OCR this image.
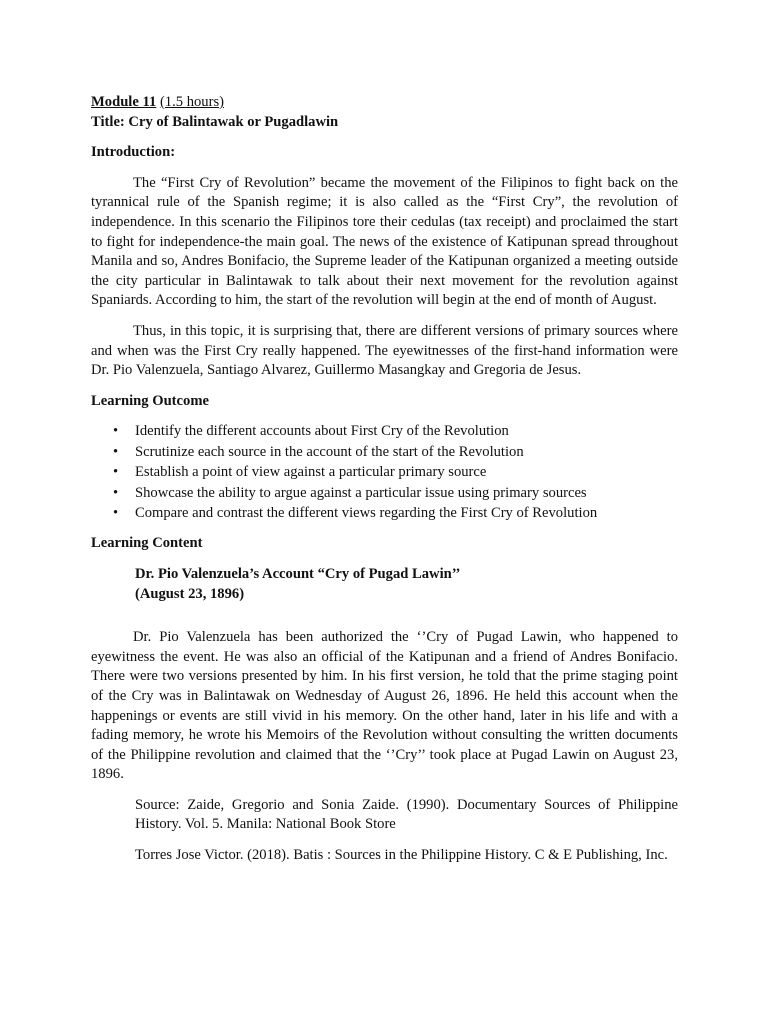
Module 11 (1.5 hours)

Title: Cry of Balintawak or Pugadlawin

Introduction:

The “First Cry of Revolution” became the movement of the Filipinos to fight back on the tyrannical rule of the Spanish regime; it is also called as the “First Cry”, the revolution of independence. In this scenario the Filipinos tore their cedulas (tax receipt) and proclaimed the start to fight for independence-the main goal. The news of the existence of Katipunan spread throughout Manila and so, Andres Bonifacio, the Supreme leader of the Katipunan organized a meeting outside the city particular in Balintawak to talk about their next movement for the revolution against Spaniards. According to him, the start of the revolution will begin at the end of month of August.

Thus, in this topic, it is surprising that, there are different versions of primary sources where and when was the First Cry really happened. The eyewitnesses of the first-hand information were Dr. Pio Valenzuela, Santiago Alvarez, Guillermo Masangkay and Gregoria de Jesus.

Learning Outcome

• Identify the different accounts about First Cry of the Revolution
• Scrutinize each source in the account of the start of the Revolution
• Establish a point of view against a particular primary source
• Showcase the ability to argue against a particular issue using primary sources
• Compare and contrast the different views regarding the First Cry of Revolution

Learning Content

Dr. Pio Valenzuela’s Account “Cry of Pugad Lawin’’

(August 23, 1896)

Dr. Pio Valenzuela has been authorized the ‘’Cry of Pugad Lawin, who happened to eyewitness the event. He was also an official of the Katipunan and a friend of Andres Bonifacio. There were two versions presented by him. In his first version, he told that the prime staging point of the Cry was in Balintawak on Wednesday of August 26, 1896. He held this account when the happenings or events are still vivid in his memory. On the other hand, later in his life and with a fading memory, he wrote his Memoirs of the Revolution without consulting the written documents of the Philippine revolution and claimed that the ‘’Cry’’ took place at Pugad Lawin on August 23, 1896.

Source: Zaide, Gregorio and Sonia Zaide. (1990). Documentary Sources of Philippine History. Vol. 5. Manila: National Book Store

Torres Jose Victor. (2018). Batis : Sources in the Philippine History. C & E Publishing, Inc.
